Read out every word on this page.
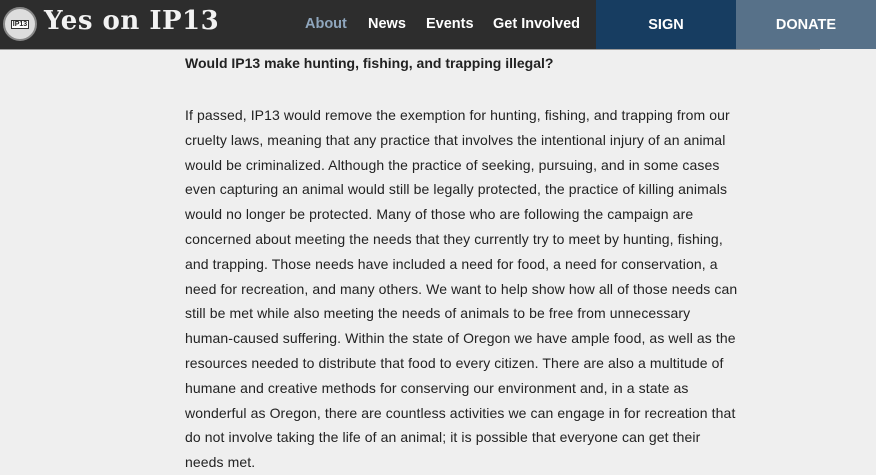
IP13 Yes on IP13	About News Events Get Involved	SIGN	DONATE
Would IP13 make hunting, fishing, and trapping illegal?
If passed, IP13 would remove the exemption for hunting, fishing, and trapping from our
cruelty laws, meaning that any practice that involves the intentional injury of an animal
would be criminalized. Although the practice of seeking, pursuing, and in some cases
even capturing an animal would still be legally protected, the practice of killing animals
would no longer be protected. Many of those who are following the campaign are
concerned about meeting the needs that they currently try to meet by hunting, fishing,
and trapping. Those needs have included a need for food, a need for conservation, a
need for recreation, and many others. We want to help show how all of those needs can
still be met while also meeting the needs of animals to be free from unnecessary
human-caused suffering. Within the state of Oregon we have ample food, as well as the
resources needed to distribute that food to every citizen. There are also a multitude of
humane and creative methods for conserving our environment and, in a state as
wonderful as Oregon, there are countless activities we can engage in for recreation that
do not involve taking the life of an animal; it is possible that everyone can get their
needs met.
